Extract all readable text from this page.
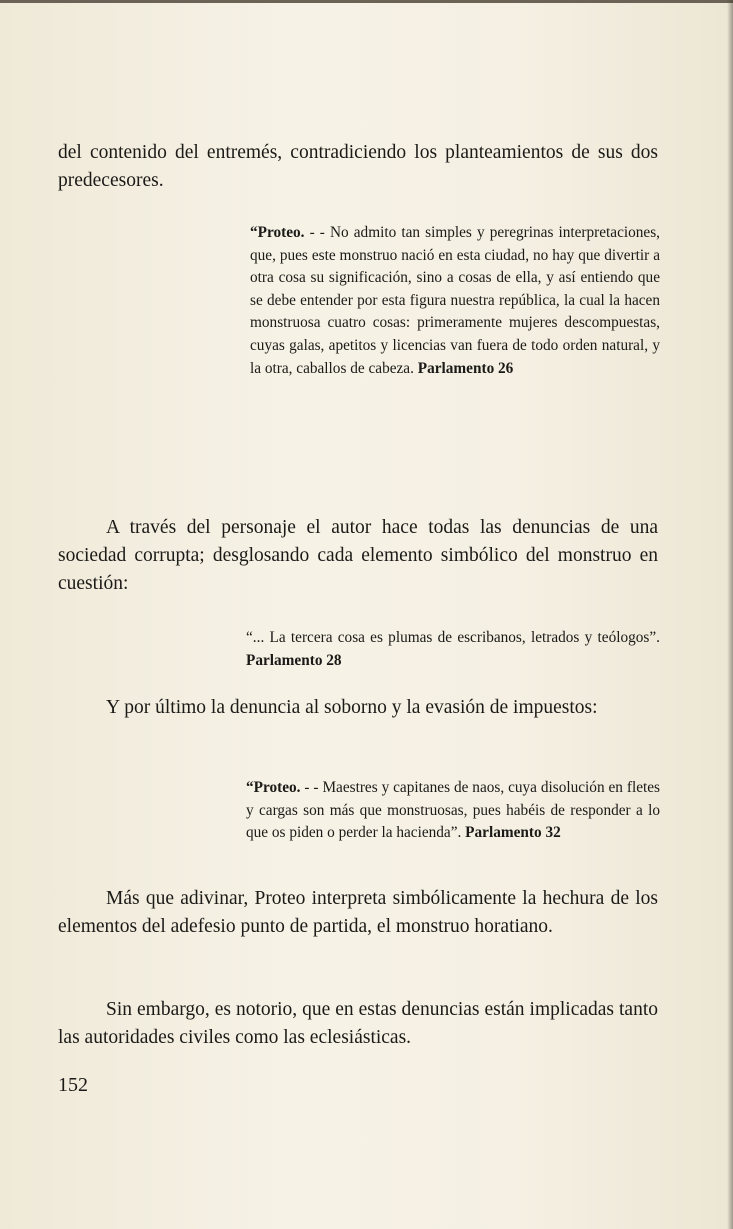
del contenido del entremés, contradiciendo los planteamientos de sus dos predecesores.

“Proteo. - - No admito tan simples y peregrinas interpretaciones, que, pues este monstruo nació en esta ciudad, no hay que divertir a otra cosa su significación, sino a cosas de ella, y así entiendo que se debe entender por esta figura nuestra república, la cual la hacen monstruosa cuatro cosas: primeramente mujeres descompuestas, cuyas galas, apetitos y licencias van fuera de todo orden natural, y la otra, caballos de cabeza. Parlamento 26

A través del personaje el autor hace todas las denuncias de una sociedad corrupta; desglosando cada elemento simbólico del monstruo en cuestión:

“... La tercera cosa es plumas de escribanos, letrados y teólogos”. Parlamento 28

Y por último la denuncia al soborno y la evasión de impuestos:

“Proteo. - - Maestres y capitanes de naos, cuya disolución en fletes y cargas son más que monstruosas, pues habéis de responder a lo que os piden o perder la hacienda”. Parlamento 32

Más que adivinar, Proteo interpreta simbólicamente la hechura de los elementos del adefesio punto de partida, el monstruo horatiano.

Sin embargo, es notorio, que en estas denuncias están implicadas tanto las autoridades civiles como las eclesiásticas.

152
